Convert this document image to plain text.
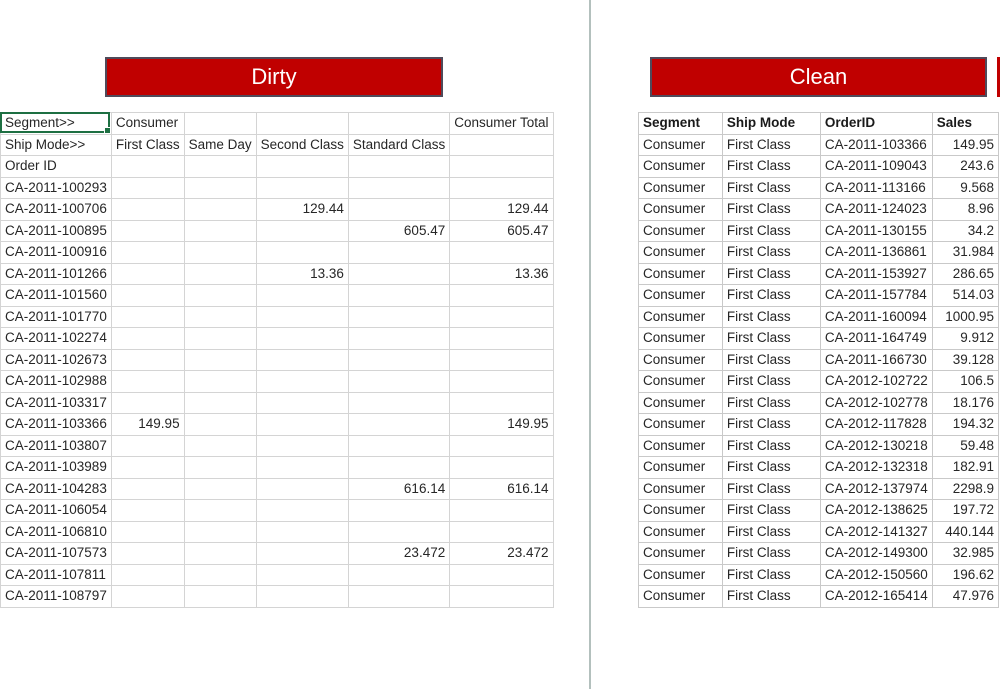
Dirty	Clean
Segment>>	Consumer				Consumer Total
Ship Mode>>	First Class	Same Day	Second Class	Standard Class	
Order ID					
CA-2011-100293					
CA-2011-100706			129.44		129.44
CA-2011-100895				605.47	605.47
CA-2011-100916					
CA-2011-101266			13.36		13.36
CA-2011-101560					
CA-2011-101770					
CA-2011-102274					
CA-2011-102673					
CA-2011-102988					
CA-2011-103317					
CA-2011-103366	149.95				149.95
CA-2011-103807					
CA-2011-103989					
CA-2011-104283				616.14	616.14
CA-2011-106054					
CA-2011-106810					
CA-2011-107573				23.472	23.472
CA-2011-107811					
CA-2011-108797					
Segment	Ship Mode	OrderID	Sales
Consumer	First Class	CA-2011-103366	149.95
Consumer	First Class	CA-2011-109043	243.6
Consumer	First Class	CA-2011-113166	9.568
Consumer	First Class	CA-2011-124023	8.96
Consumer	First Class	CA-2011-130155	34.2
Consumer	First Class	CA-2011-136861	31.984
Consumer	First Class	CA-2011-153927	286.65
Consumer	First Class	CA-2011-157784	514.03
Consumer	First Class	CA-2011-160094	1000.95
Consumer	First Class	CA-2011-164749	9.912
Consumer	First Class	CA-2011-166730	39.128
Consumer	First Class	CA-2012-102722	106.5
Consumer	First Class	CA-2012-102778	18.176
Consumer	First Class	CA-2012-117828	194.32
Consumer	First Class	CA-2012-130218	59.48
Consumer	First Class	CA-2012-132318	182.91
Consumer	First Class	CA-2012-137974	2298.9
Consumer	First Class	CA-2012-138625	197.72
Consumer	First Class	CA-2012-141327	440.144
Consumer	First Class	CA-2012-149300	32.985
Consumer	First Class	CA-2012-150560	196.62
Consumer	First Class	CA-2012-165414	47.976
